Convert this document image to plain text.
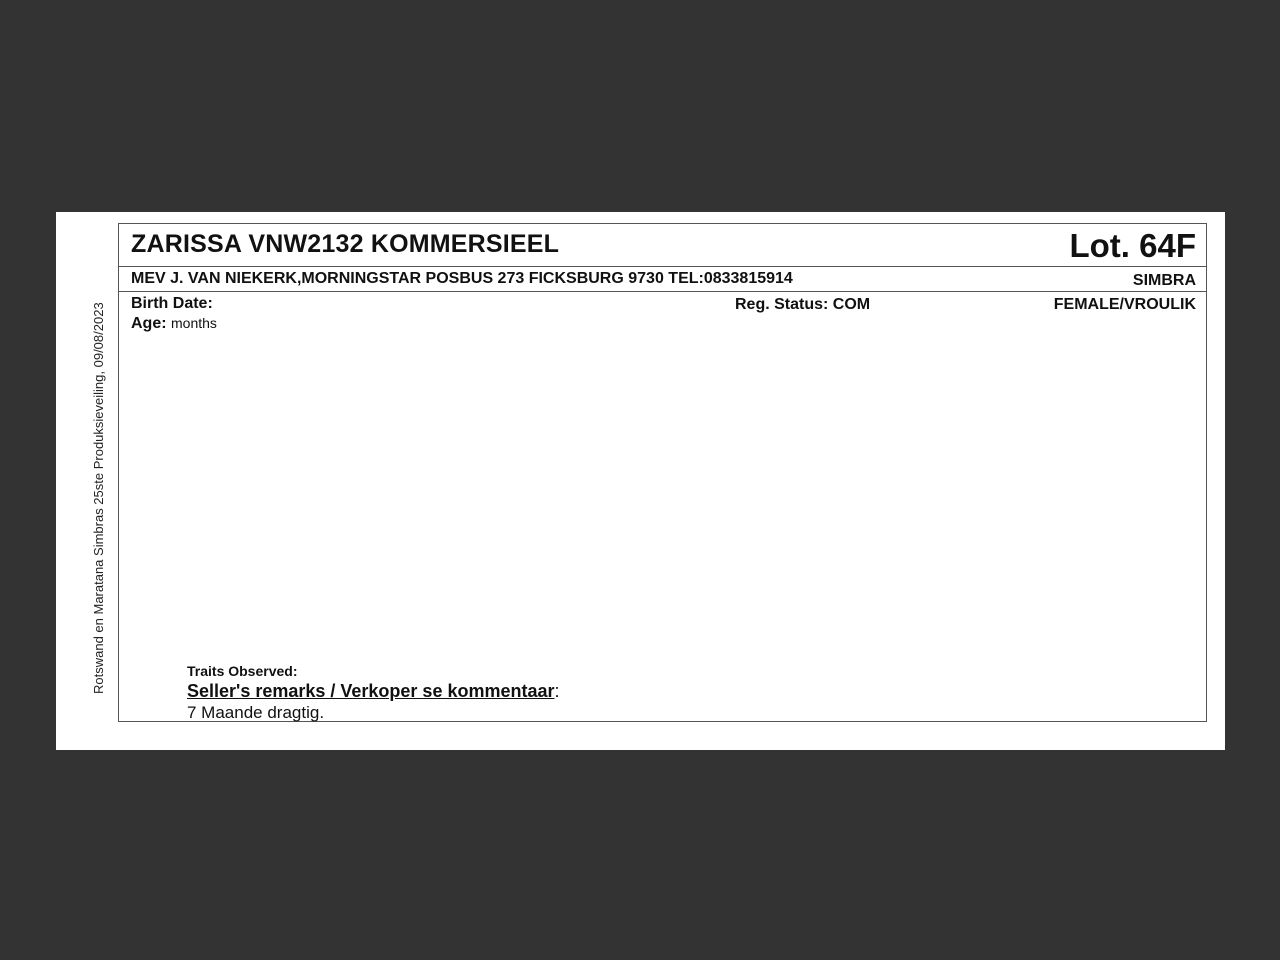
Rotswand en Maratana Simbras 25ste Produksieveiling, 09/08/2023
ZARISSA VNW2132 KOMMERSIEEL	Lot. 64F
MEV J. VAN NIEKERK,MORNINGSTAR POSBUS 273 FICKSBURG 9730 TEL:0833815914	SIMBRA
Birth Date:
Age: months
Reg. Status: COM	FEMALE/VROULIK
Traits Observed:
Seller's remarks / Verkoper se kommentaar:
7 Maande dragtig.
